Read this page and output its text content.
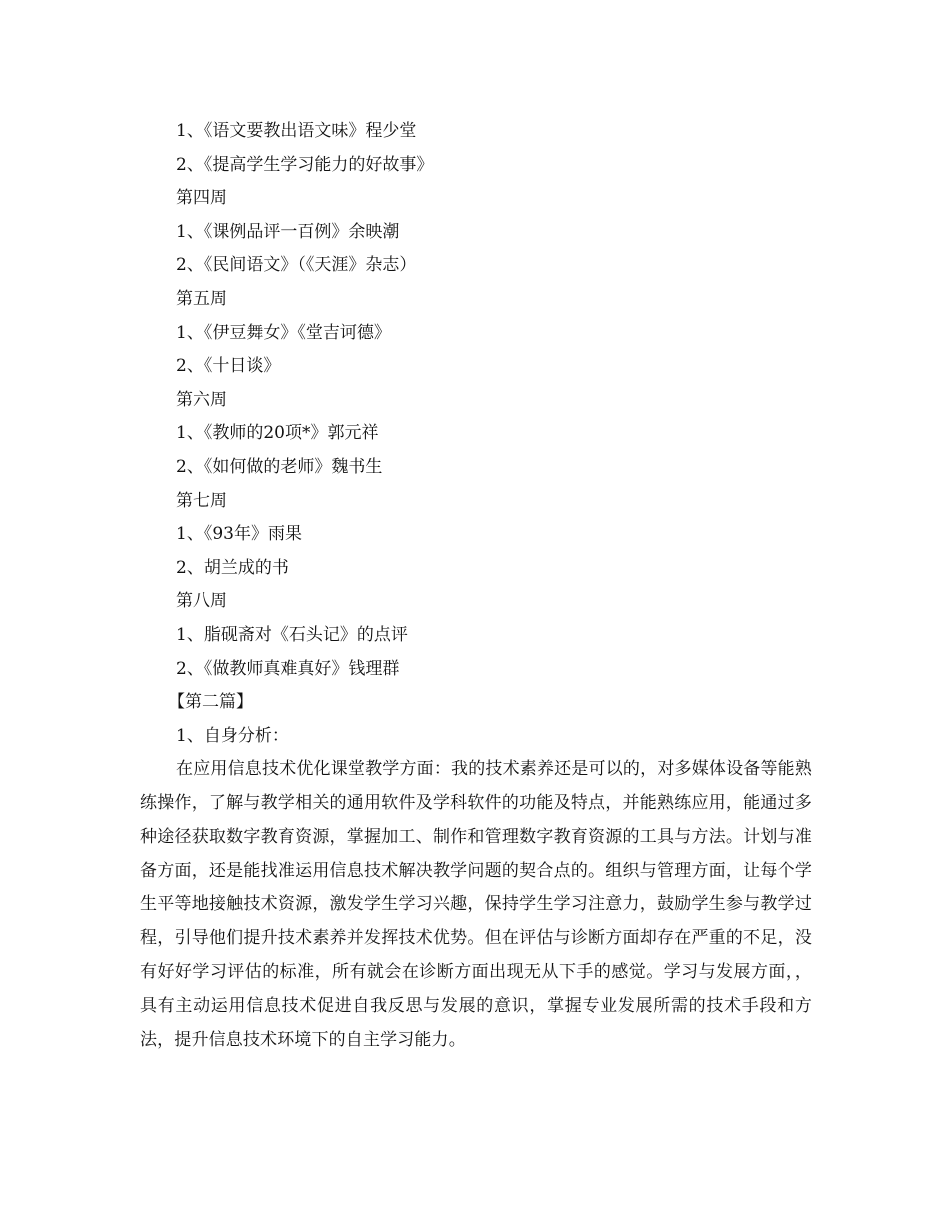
1、《语文要教出语文味》程少堂
2、《提高学生学习能力的好故事》
第四周
1、《课例品评一百例》余映潮
2、《民间语文》（《天涯》杂志）
第五周
1、《伊豆舞女》《堂吉诃德》
2、《十日谈》
第六周
1、《教师的20项*》郭元祥
2、《如何做的老师》魏书生
第七周
1、《93年》雨果
2、胡兰成的书
第八周
1、脂砚斋对《石头记》的点评
2、《做教师真难真好》钱理群
【第二篇】
1、自身分析：

在应用信息技术优化课堂教学方面：我的技术素养还是可以的，对多媒体设备等能熟练操作，了解与教学相关的通用软件及学科软件的功能及特点，并能熟练应用，能通过多种途径获取数字教育资源，掌握加工、制作和管理数字教育资源的工具与方法。计划与准备方面，还是能找准运用信息技术解决教学问题的契合点的。组织与管理方面，让每个学生平等地接触技术资源，激发学生学习兴趣，保持学生学习注意力，鼓励学生参与教学过程，引导他们提升技术素养并发挥技术优势。但在评估与诊断方面却存在严重的不足，没有好好学习评估的标准，所有就会在诊断方面出现无从下手的感觉。学习与发展方面，，具有主动运用信息技术促进自我反思与发展的意识，掌握专业发展所需的技术手段和方法，提升信息技术环境下的自主学习能力。
